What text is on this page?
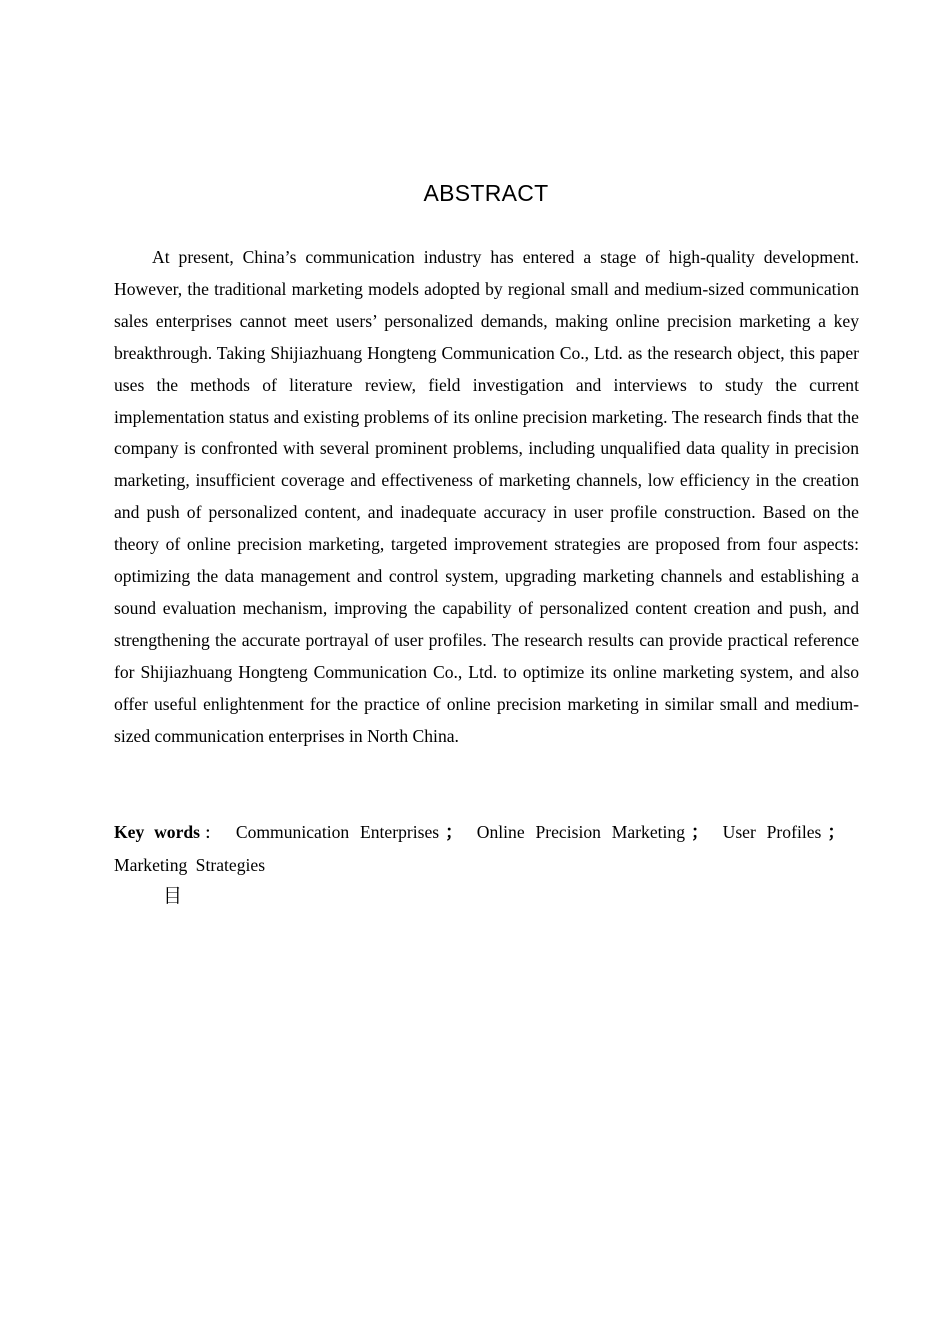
ABSTRACT

At present, China’s communication industry has entered a stage of high-quality development. However, the traditional marketing models adopted by regional small and medium-sized communication sales enterprises cannot meet users’ personalized demands, making online precision marketing a key breakthrough. Taking Shijiazhuang Hongteng Communication Co., Ltd. as the research object, this paper uses the methods of literature review, field investigation and interviews to study the current implementation status and existing problems of its online precision marketing. The research finds that the company is confronted with several prominent problems, including unqualified data quality in precision marketing, insufficient coverage and effectiveness of marketing channels, low efficiency in the creation and push of personalized content, and inadequate accuracy in user profile construction. Based on the theory of online precision marketing, targeted improvement strategies are proposed from four aspects: optimizing the data management and control system, upgrading marketing channels and establishing a sound evaluation mechanism, improving the capability of personalized content creation and push, and strengthening the accurate portrayal of user profiles. The research results can provide practical reference for Shijiazhuang Hongteng Communication Co., Ltd. to optimize its online marketing system, and also offer useful enlightenment for the practice of online precision marketing in similar small and medium-sized communication enterprises in North China.

Key words ： Communication Enterprises ； Online Precision Marketing ； User Profiles ；Marketing Strategies

目
